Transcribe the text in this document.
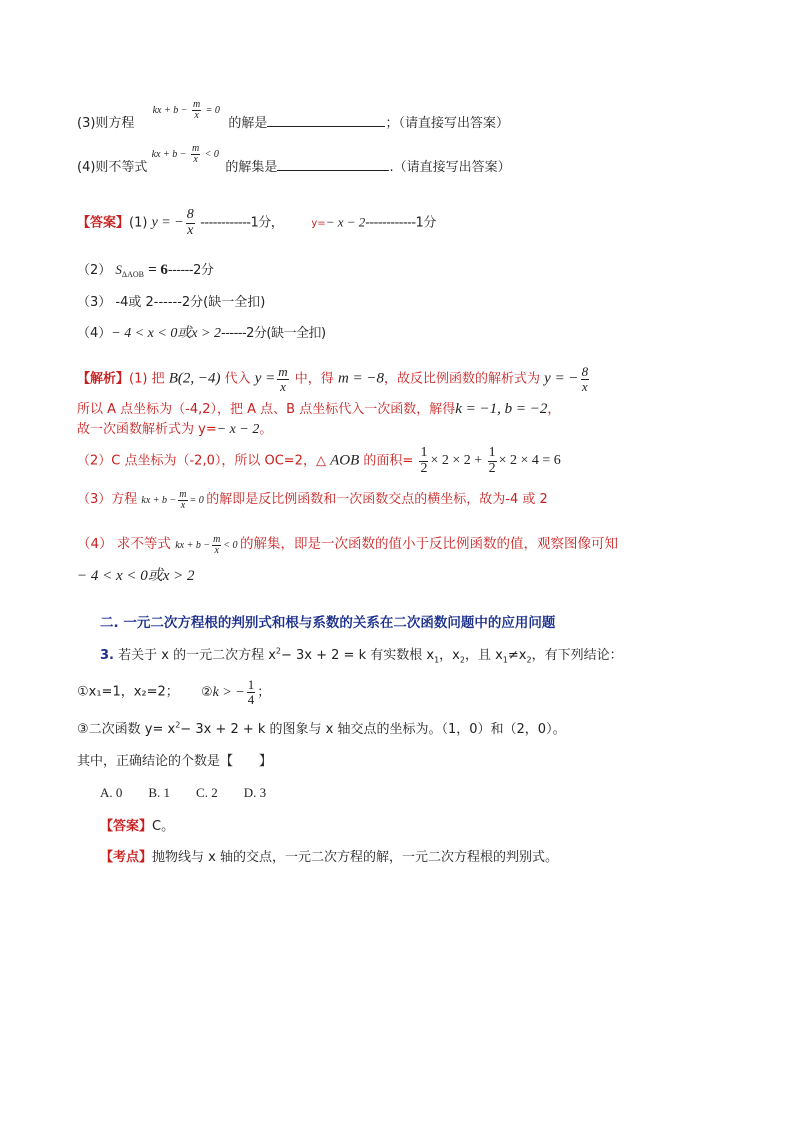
(3)则方程 $^{kx + b - \frac{m}{x} = 0}$ 的解是	；（请直接写出答案）
(4)则不等式 $^{kx + b - \frac{m}{x} < 0}$ 的解集是	.（请直接写出答案）
【答案】(1) y = − $\frac{8}{x} ------------1$分，	y=− x − 2------------1分
（2） $S_{\Delta AOB} = 6------2$分
（3） -4或 2------2分(缺一全扣)
（4）− 4 < x < 0或x > 2------2分(缺一全扣)
【解析】(1) 把 B(2, −4) 代入 $y = \frac{m}{x}$ 中，得 m = −8，故反比例函数的解析式为 y = − $\frac{8}{x}$
所以 A 点坐标为（-4,2），把 A 点、B 点坐标代入一次函数，解得k = −1, b = −2，
故一次函数解析式为 y=− x − 2。
（2）C 点坐标为（-2,0），所以 OC=2，△ AOB 的面积= $\frac{1}{2} \times 2 \times 2 + \frac{1}{2} \times 2 \times 4 = 6$
（3）方程 kx + $b - \frac{m}{x} = 0$ 的解即是反比例函数和一次函数交点的横坐标，故为-4 或 2
（4） 求不等式 kx + $b - \frac{m}{x} < 0$ 的解集，即是一次函数的值小于反比例函数的值，观察图像可知
− 4 < x < 0或x > 2
二. 一元二次方程根的判别式和根与系数的关系在二次函数问题中的应用问题
3. 若关于 x 的一元二次方程 $x^2- 3x + 2 = k$ 有实数根 $x_1$，$x_2$，且 $x_1\ne x_2$，有下列结论：
①x₁=1，x₂=2； ②k > − $\frac{1}{4}$ ；
③二次函数 $y= x^2- 3x + 2 + k$ 的图象与 x 轴交点的坐标为。（1，0）和（2，0）。
其中，正确结论的个数是【　　】
A. 0　　B. 1　　C. 2　　D. 3
【答案】C。
【考点】抛物线与 x 轴的交点，一元二次方程的解，一元二次方程根的判别式。
